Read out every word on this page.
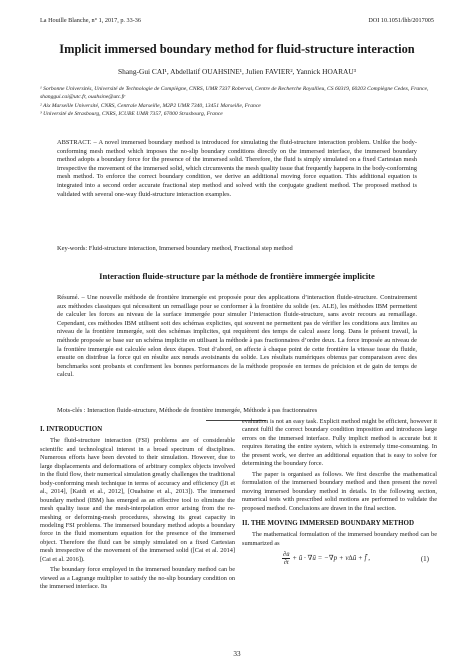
La Houille Blanche, n° 1, 2017, p. 33-36	DOI 10.1051/lhb/2017005
Implicit immersed boundary method for fluid-structure interaction
Shang-Gui CAI¹, Abdellatif OUAHSINE¹, Julien FAVIER², Yannick HOARAU³
¹ Sorbonne Universités, Université de Technologie de Compiègne, CNRS, UMR 7337 Roberval, Centre de Recherche Royallieu, CS 60319, 60203 Compiègne Cedex, France, shanggui.cai@utc.fr, ouahsine@utc.fr
² Aix Marseille Université, CNRS, Centrale Marseille, M2P2 UMR 7340, 13451 Marseille, France
³ Université de Strasbourg, CNRS, ICUBE UMR 7357, 67000 Strasbourg, France
ABSTRACT. – A novel immersed boundary method is introduced for simulating the fluid-structure interaction problem. Unlike the body-conforming mesh method which imposes the no-slip boundary conditions directly on the immersed interface, the immersed boundary method adopts a boundary force for the presence of the immersed solid. Therefore, the fluid is simply simulated on a fixed Cartesian mesh irrespective the movement of the immersed solid, which circumvents the mesh quality issue that frequently happens in the body-conforming mesh method. To enforce the correct boundary condition, we derive an additional moving force equation. This additional equation is integrated into a second order accurate fractional step method and solved with the conjugate gradient method. The proposed method is validated with several one-way fluid-structure interaction examples.
Key-words: Fluid-structure interaction, Immersed boundary method, Fractional step method
Interaction fluide-structure par la méthode de frontière immergée implicite
Résumé. – Une nouvelle méthode de frontière immergée est proposée pour des applications d’interaction fluide-structure. Contrairement aux méthodes classiques qui nécessitent un remaillage pour se conformer à la frontière du solide (ex. ALE), les méthodes IBM permettent de calculer les forces au niveau de la surface immergée pour simuler l’interaction fluide-structure, sans avoir recours au remaillage. Cependant, ces méthodes IBM utilisent soit des schémas explicites, qui souvent ne permettent pas de vérifier les conditions aux limites au niveau de la frontière immergée, soit des schémas implicites, qui requièrent des temps de calcul assez long. Dans le présent travail, la méthode proposée se base sur un schéma implicite en utilisant la méthode à pas fractionnaires d’ordre deux. La force imposée au niveau de la frontière immergée est calculée selon deux étapes. Tout d’abord, on affecte à chaque point de cette frontière la vitesse issue du fluide, ensuite on distribue la force qui en résulte aux nœuds avoisinants du solide. Les résultats numériques obtenus par comparaison avec des benchmarks sont probants et confirment les bonnes performances de la méthode proposée en termes de précision et de gain de temps de calcul.
Mots-clés : Interaction fluide-structure, Méthode de frontière immergée, Méthode à pas fractionnaires
I. INTRODUCTION

The fluid-structure interaction (FSI) problems are of considerable scientific and technological interest in a broad spectrum of disciplines. Numerous efforts have been devoted to their simulation. However, due to large displacements and deformations of arbitrary complex objects involved in the fluid flow, their numerical simulation greatly challenges the traditional body-conforming mesh technique in terms of accuracy and efficiency ([Ji et al., 2014], [Kaidi et al., 2012], [Ouahsine et al., 2013]). The immersed boundary method (IBM) has emerged as an effective tool to eliminate the mesh quality issue and the mesh-interpolation error arising from the re-meshing or deforming-mesh procedures, showing its great capacity in modeling FSI problems. The immersed boundary method adopts a boundary force in the fluid momentum equation for the presence of the immersed object. Therefore the fluid can be simply simulated on a fixed Cartesian mesh irrespective of the movement of the immersed solid ([Cai et al. 2014] [Cai et al. 2016]).

The boundary force employed in the immersed boundary method can be viewed as a Lagrange multiplier to satisfy the no-slip boundary condition on the immersed interface. Its

evaluation is not an easy task. Explicit method might be efficient, however it cannot fulfil the correct boundary condition imposition and introduces large errors on the immersed interface. Fully implicit method is accurate but it requires iterating the entire system, which is extremely time-consuming. In the present work, we derive an additional equation that is easy to solve for determining the boundary force.

The paper is organised as follows. We first describe the mathematical formulation of the immersed boundary method and then present the novel moving immersed boundary method in details. In the following section, numerical tests with prescribed solid motions are performed to validate the proposed method. Conclusions are drawn in the final section.

II. THE MOVING IMMERSED BOUNDARY METHOD

The mathematical formulation of the immersed boundary method can be summarized as

$\frac{\partial ū}{\partial t}$ + ū · ∇ū = −∇p + ν∆ū + f̄ ,	(1)
33
